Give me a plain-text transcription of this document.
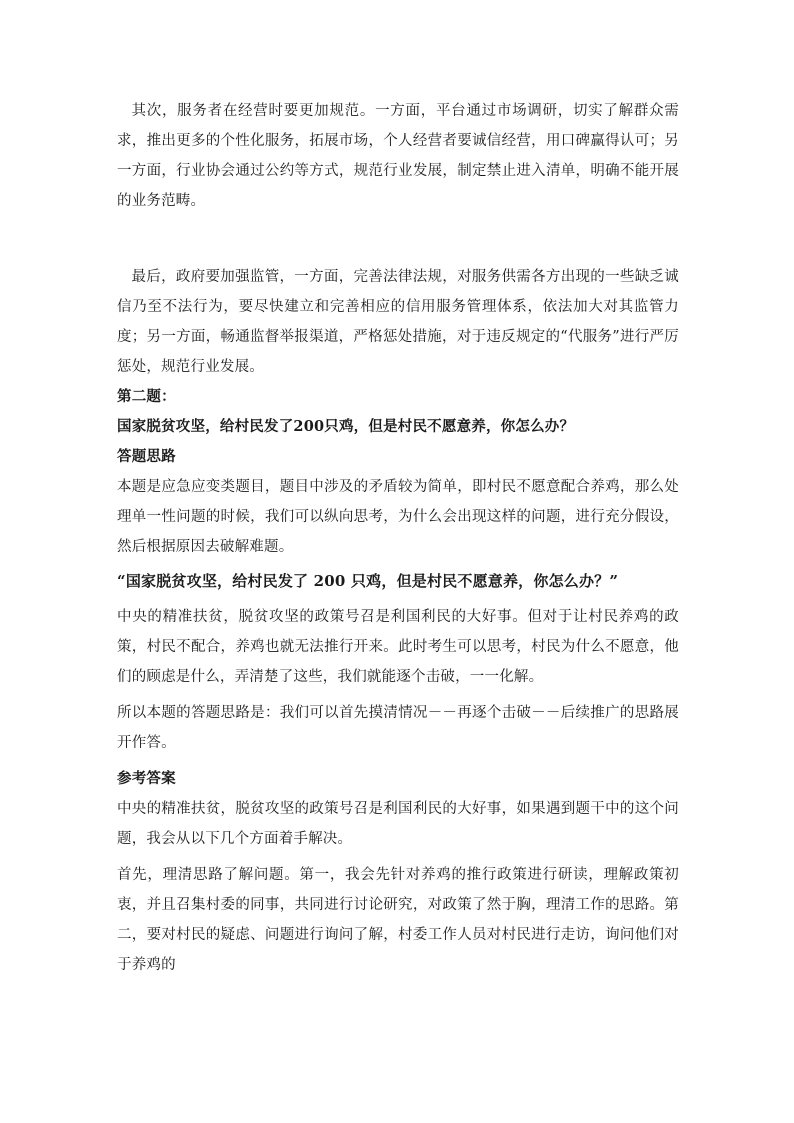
其次，服务者在经营时要更加规范。一方面，平台通过市场调研，切实了解群众需求，推出更多的个性化服务，拓展市场，个人经营者要诚信经营，用口碑赢得认可；另一方面，行业协会通过公约等方式，规范行业发展，制定禁止进入清单，明确不能开展的业务范畴。

最后，政府要加强监管，一方面，完善法律法规，对服务供需各方出现的一些缺乏诚信乃至不法行为，要尽快建立和完善相应的信用服务管理体系，依法加大对其监管力度；另一方面，畅通监督举报渠道，严格惩处措施，对于违反规定的“代服务”进行严厉惩处，规范行业发展。

第二题：

国家脱贫攻坚，给村民发了200只鸡，但是村民不愿意养，你怎么办？

答题思路

本题是应急应变类题目，题目中涉及的矛盾较为简单，即村民不愿意配合养鸡，那么处理单一性问题的时候，我们可以纵向思考，为什么会出现这样的问题，进行充分假设，然后根据原因去破解难题。

“国家脱贫攻坚，给村民发了 200 只鸡，但是村民不愿意养，你怎么办？”

中央的精准扶贫，脱贫攻坚的政策号召是利国利民的大好事。但对于让村民养鸡的政策，村民不配合，养鸡也就无法推行开来。此时考生可以思考，村民为什么不愿意，他们的顾虑是什么，弄清楚了这些，我们就能逐个击破，一一化解。

所以本题的答题思路是：我们可以首先摸清情况－－再逐个击破－－后续推广的思路展开作答。

参考答案

中央的精准扶贫，脱贫攻坚的政策号召是利国利民的大好事，如果遇到题干中的这个问题，我会从以下几个方面着手解决。

首先，理清思路了解问题。第一，我会先针对养鸡的推行政策进行研读，理解政策初衷，并且召集村委的同事，共同进行讨论研究，对政策了然于胸，理清工作的思路。第二，要对村民的疑虑、问题进行询问了解，村委工作人员对村民进行走访，询问他们对于养鸡的
